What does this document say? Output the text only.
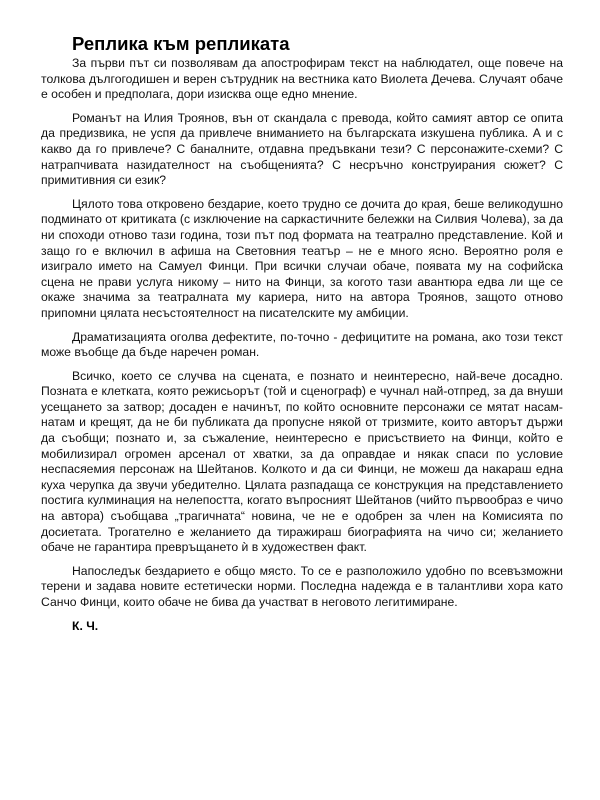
Реплика към репликата

За първи път си позволявам да апострофирам текст на наблюдател, още повече на толкова дългогодишен и верен сътрудник на вестника като Виолета Дечева. Случаят обаче е особен и предполага, дори изисква още едно мнение.

Романът на Илия Троянов, вън от скандала с превода, който самият автор се опита да предизвика, не успя да привлече вниманието на българската изкушена публика. А и с какво да го привлече? С баналните, отдавна предъвкани тези? С персонажите-схеми? С натрапчивата назидателност на съобщенията? С несръчно конструирания сюжет? С примитивния си език?

Цялото това откровено бездарие, което трудно се дочита до края, беше великодушно подминато от критиката (с изключение на саркастичните бележки на Силвия Чолева), за да ни споходи отново тази година, този път под формата на театрално представление. Кой и защо го е включил в афиша на Световния театър – не е много ясно. Вероятно роля е изиграло името на Самуел Финци. При всички случаи обаче, появата му на софийска сцена не прави услуга никому – нито на Финци, за когото тази авантюра едва ли ще се окаже значима за театралната му кариера, нито на автора Троянов, защото отново припомни цялата несъстоятелност на писателските му амбиции.

Драматизацията оголва дефектите, по-точно - дефицитите на романа, ако този текст може въобще да бъде наречен роман.

Всичко, което се случва на сцената, е познато и неинтересно, най-вече досадно. Позната е клетката, която режисьорът (той и сценограф) е чучнал най-отпред, за да внуши усещането за затвор; досаден е начинът, по който основните персонажи се мятат насам-натам и крещят, да не би публиката да пропусне някой от тризмите, които авторът държи да съобщи; познато и, за съжаление, неинтересно е присъствието на Финци, който е мобилизирал огромен арсенал от хватки, за да оправдае и някак спаси по условие неспасяемия персонаж на Шейтанов. Колкото и да си Финци, не можеш да накараш една куха черупка да звучи убедително. Цялата разпадаща се конструкция на представлението постига кулминация на нелепостта, когато въпросният Шейтанов (чийто първообраз е чичо на автора) съобщава „трагичната“ новина, че не е одобрен за член на Комисията по досиетата. Трогателно е желанието да тиражираш биографията на чичо си; желанието обаче не гарантира превръщането ѝ в художествен факт.

Напоследък бездарието е общо място. То се е разположило удобно по всевъзможни терени и задава новите естетически норми. Последна надежда е в талантливи хора като Санчо Финци, които обаче не бива да участват в неговото легитимиране.

К. Ч.
